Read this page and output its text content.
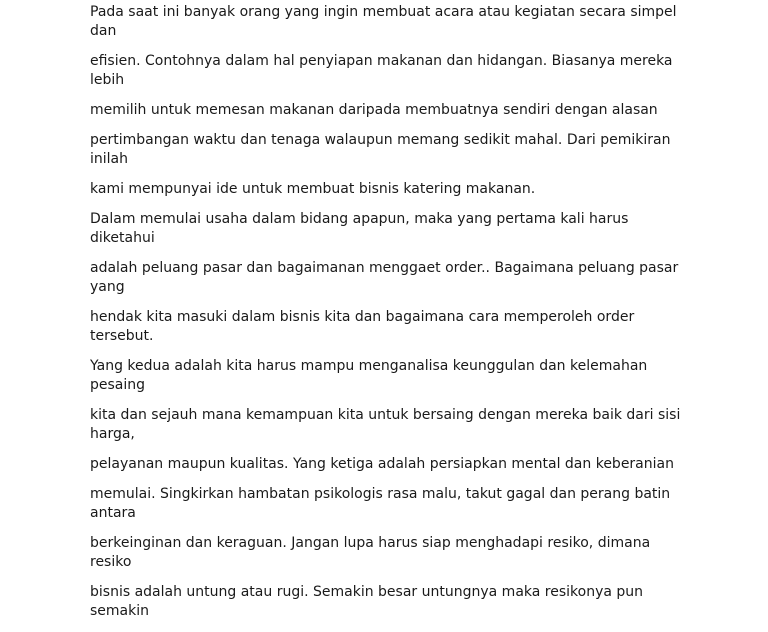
Pada saat ini banyak orang yang ingin membuat acara atau kegiatan secara simpel
dan
efisien. Contohnya dalam hal penyiapan makanan dan hidangan. Biasanya mereka
lebih
memilih untuk memesan makanan daripada membuatnya sendiri dengan alasan
pertimbangan waktu dan tenaga walaupun memang sedikit mahal. Dari pemikiran
inilah
kami mempunyai ide untuk membuat bisnis katering makanan.
Dalam memulai usaha dalam bidang apapun, maka yang pertama kali harus
diketahui
adalah peluang pasar dan bagaimanan menggaet order.. Bagaimana peluang pasar
yang
hendak kita masuki dalam bisnis kita dan bagaimana cara memperoleh order
tersebut.
Yang kedua adalah kita harus mampu menganalisa keunggulan dan kelemahan
pesaing
kita dan sejauh mana kemampuan kita untuk bersaing dengan mereka baik dari sisi
harga,
pelayanan maupun kualitas. Yang ketiga adalah persiapkan mental dan keberanian
memulai. Singkirkan hambatan psikologis rasa malu, takut gagal dan perang batin
antara
berkeinginan dan keraguan. Jangan lupa harus siap menghadapi resiko, dimana
resiko
bisnis adalah untung atau rugi. Semakin besar untungnya maka resikonya pun
semakin
